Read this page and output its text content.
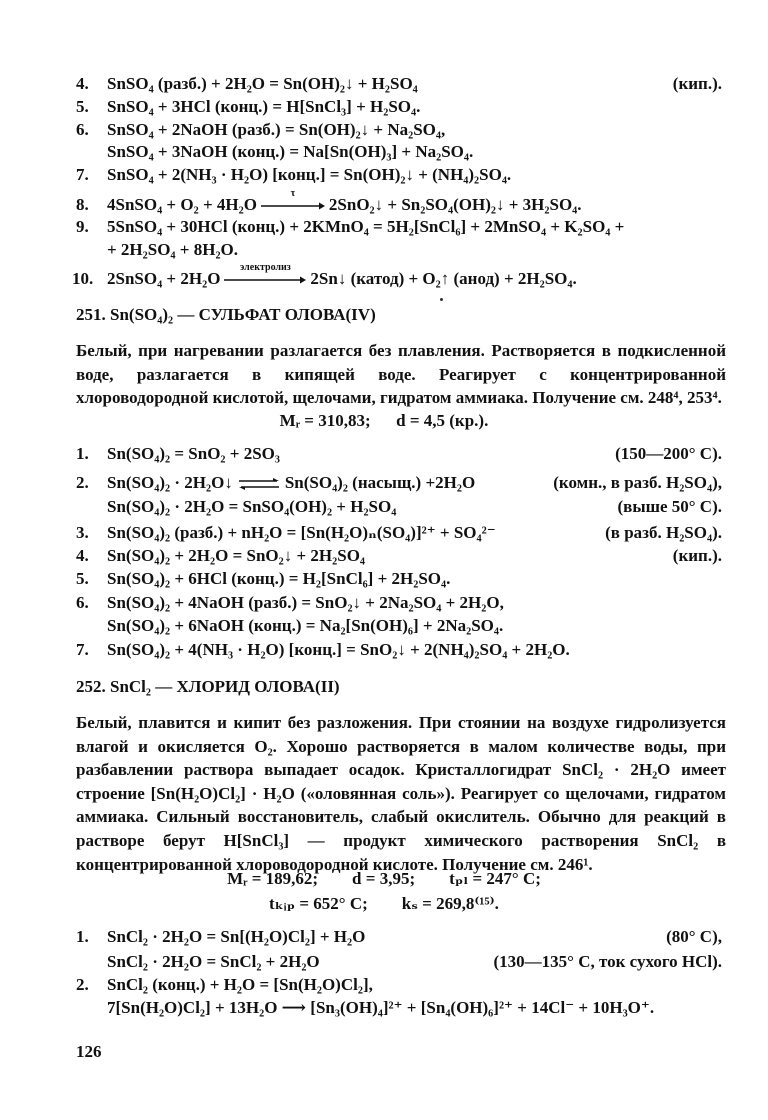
4. SnSO₄ (разб.) + 2H₂O = Sn(OH)₂↓ + H₂SO₄	(кип.).
5. SnSO₄ + 3HCl (конц.) = H[SnCl₃] + H₂SO₄.
6. SnSO₄ + 2NaOH (разб.) = Sn(OH)₂↓ + Na₂SO₄,
SnSO₄ + 3NaOH (конц.) = Na[Sn(OH)₃] + Na₂SO₄.
7. SnSO₄ + 2(NH₃ · H₂O) [конц.] = Sn(OH)₂↓ + (NH₄)₂SO₄.
8. 4SnSO₄ + O₂ + 4H₂O
τ
2SnO₂↓ + Sn₂SO₄(OH)₂↓ + 3H₂SO₄.
9. 5SnSO₄ + 30HCl (конц.) + 2KMnO₄ = 5H₂[SnCl₆] + 2MnSO₄ + K₂SO₄ +
+ 2H₂SO₄ + 8H₂O.
10. 2SnSO₄ + 2H₂O
электролиз
2Sn↓ (катод) + O₂↑ (анод) + 2H₂SO₄.
251. Sn(SO₄)₂ — СУЛЬФАТ ОЛОВА(IV)
Белый, при нагревании разлагается без плавления. Растворяется в подкисленной воде, разлагается в кипящей воде. Реагирует с концентрированной хлороводородной кислотой, щелочами, гидратом аммиака. Получение см. 248⁴, 253⁴.
Mᵣ = 310,83;      d = 4,5 (кр.).
1. Sn(SO₄)₂ = SnO₂ + 2SO₃	(150—200° C).
2. Sn(SO₄)₂ · 2H₂O↓	Sn(SO₄)₂ (насыщ.) +2H₂O	(комн., в разб. H₂SO₄),
Sn(SO₄)₂ · 2H₂O = SnSO₄(OH)₂ + H₂SO₄	(выше 50° C).
3. Sn(SO₄)₂ (разб.) + nH₂O = [Sn(H₂O)ₙ(SO₄)]²⁺ + SO₄²⁻	(в разб. H₂SO₄).
4. Sn(SO₄)₂ + 2H₂O = SnO₂↓ + 2H₂SO₄	(кип.).
5. Sn(SO₄)₂ + 6HCl (конц.) = H₂[SnCl₆] + 2H₂SO₄.
6. Sn(SO₄)₂ + 4NaOH (разб.) = SnO₂↓ + 2Na₂SO₄ + 2H₂O,
Sn(SO₄)₂ + 6NaOH (конц.) = Na₂[Sn(OH)₆] + 2Na₂SO₄.
7. Sn(SO₄)₂ + 4(NH₃ · H₂O) [конц.] = SnO₂↓ + 2(NH₄)₂SO₄ + 2H₂O.
252. SnCl₂ — ХЛОРИД ОЛОВА(II)
Белый, плавится и кипит без разложения. При стоянии на воздухе гидролизуется влагой и окисляется O₂. Хорошо растворяется в малом количестве воды, при разбавлении раствора выпадает осадок. Кристаллогидрат SnCl₂ · 2H₂O имеет строение [Sn(H₂O)Cl₂] · H₂O («оловянная соль»). Реагирует со щелочами, гидратом аммиака. Сильный восстановитель, слабый окислитель. Обычно для реакций в растворе берут H[SnCl₃] — продукт химического растворения SnCl₂ в концентрированной хлороводородной кислоте. Получение см. 246¹.
Mᵣ = 189,62;        d = 3,95;        tₚₗ = 247° C;
tₖᵢₚ = 652° C;        kₛ = 269,8⁽¹⁵⁾.
1. SnCl₂ · 2H₂O = Sn[(H₂O)Cl₂] + H₂O	(80° C),
SnCl₂ · 2H₂O = SnCl₂ + 2H₂O	(130—135° C, ток сухого HCl).
2. SnCl₂ (конц.) + H₂O = [Sn(H₂O)Cl₂],
7[Sn(H₂O)Cl₂] + 13H₂O ⟶ [Sn₃(OH)₄]²⁺ + [Sn₄(OH)₆]²⁺ + 14Cl⁻ + 10H₃O⁺.
126
